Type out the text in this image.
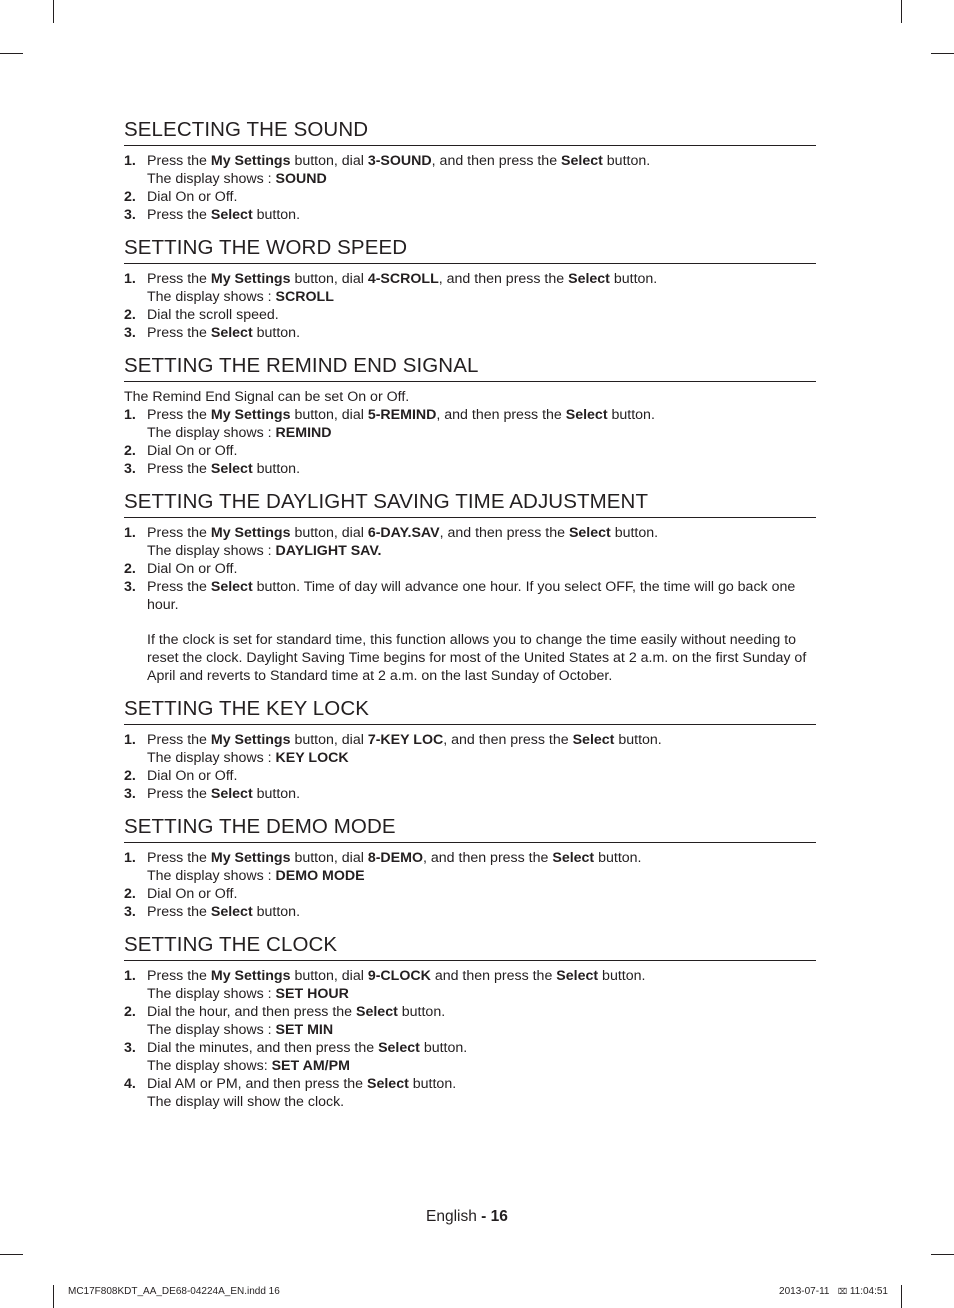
SELECTING THE SOUND
1. Press the My Settings button, dial 3-SOUND, and then press the Select button.
The display shows : SOUND
2. Dial On or Off.
3. Press the Select button.
SETTING THE WORD SPEED
1. Press the My Settings button, dial 4-SCROLL, and then press the Select button.
The display shows : SCROLL
2. Dial the scroll speed.
3. Press the Select button.
SETTING THE REMIND END SIGNAL
The Remind End Signal can be set On or Off.
1. Press the My Settings button, dial 5-REMIND, and then press the Select button.
The display shows : REMIND
2. Dial On or Off.
3. Press the Select button.
SETTING THE DAYLIGHT SAVING TIME ADJUSTMENT
1. Press the My Settings button, dial 6-DAY.SAV, and then press the Select button.
The display shows : DAYLIGHT SAV.
2. Dial On or Off.
3. Press the Select button. Time of day will advance one hour. If you select OFF, the time will go back one hour.
If the clock is set for standard time, this function allows you to change the time easily without needing to reset the clock. Daylight Saving Time begins for most of the United States at 2 a.m. on the first Sunday of April and reverts to Standard time at 2 a.m. on the last Sunday of October.
SETTING THE KEY LOCK
1. Press the My Settings button, dial 7-KEY LOC, and then press the Select button.
The display shows : KEY LOCK
2. Dial On or Off.
3. Press the Select button.
SETTING THE DEMO MODE
1. Press the My Settings button, dial 8-DEMO, and then press the Select button.
The display shows : DEMO MODE
2. Dial On or Off.
3. Press the Select button.
SETTING THE CLOCK
1. Press the My Settings button, dial 9-CLOCK and then press the Select button.
The display shows : SET HOUR
2. Dial the hour, and then press the Select button.
The display shows : SET MIN
3. Dial the minutes, and then press the Select button.
The display shows: SET AM/PM
4. Dial AM or PM, and then press the Select button.
The display will show the clock.
English - 16
MC17F808KDT_AA_DE68-04224A_EN.indd 16	2013-07-11 ⌧ 11:04:51
